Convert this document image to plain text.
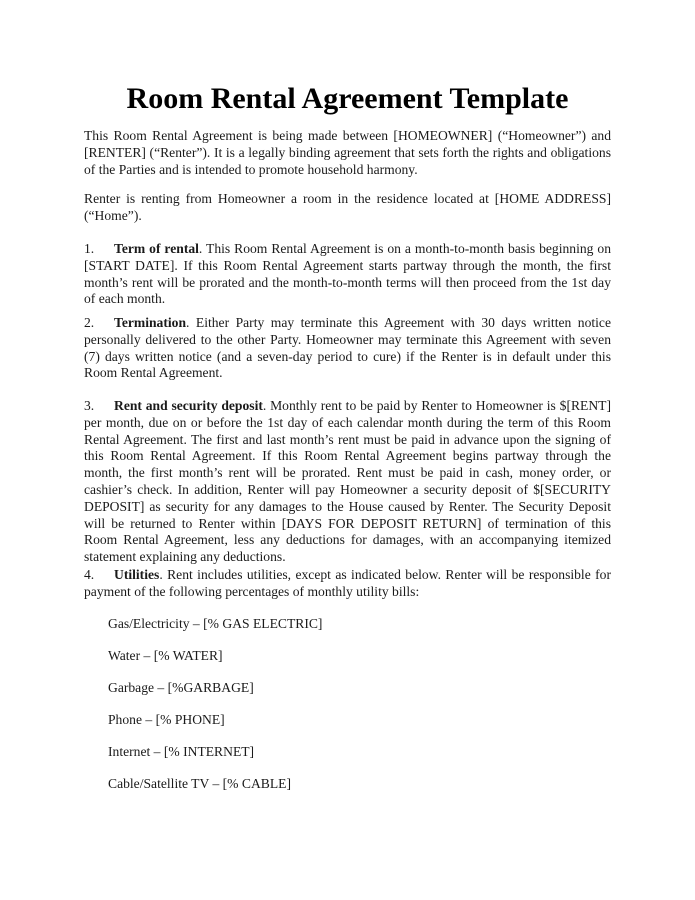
Room Rental Agreement Template
This Room Rental Agreement is being made between [HOMEOWNER] (“Homeowner”) and [RENTER] (“Renter”). It is a legally binding agreement that sets forth the rights and obligations of the Parties and is intended to promote household harmony.
Renter is renting from Homeowner a room in the residence located at [HOME ADDRESS] (“Home”).
1. Term of rental. This Room Rental Agreement is on a month-to-month basis beginning on [START DATE]. If this Room Rental Agreement starts partway through the month, the first month’s rent will be prorated and the month-to-month terms will then proceed from the 1st day of each month.
2. Termination. Either Party may terminate this Agreement with 30 days written notice personally delivered to the other Party. Homeowner may terminate this Agreement with seven (7) days written notice (and a seven-day period to cure) if the Renter is in default under this Room Rental Agreement.
3. Rent and security deposit. Monthly rent to be paid by Renter to Homeowner is $[RENT] per month, due on or before the 1st day of each calendar month during the term of this Room Rental Agreement. The first and last month’s rent must be paid in advance upon the signing of this Room Rental Agreement. If this Room Rental Agreement begins partway through the month, the first month’s rent will be prorated. Rent must be paid in cash, money order, or cashier’s check. In addition, Renter will pay Homeowner a security deposit of $[SECURITY DEPOSIT] as security for any damages to the House caused by Renter. The Security Deposit will be returned to Renter within [DAYS FOR DEPOSIT RETURN] of termination of this Room Rental Agreement, less any deductions for damages, with an accompanying itemized statement explaining any deductions.
4. Utilities. Rent includes utilities, except as indicated below. Renter will be responsible for payment of the following percentages of monthly utility bills:
Gas/Electricity – [% GAS ELECTRIC]
Water – [% WATER]
Garbage – [%GARBAGE]
Phone – [% PHONE]
Internet – [% INTERNET]
Cable/Satellite TV – [% CABLE]
